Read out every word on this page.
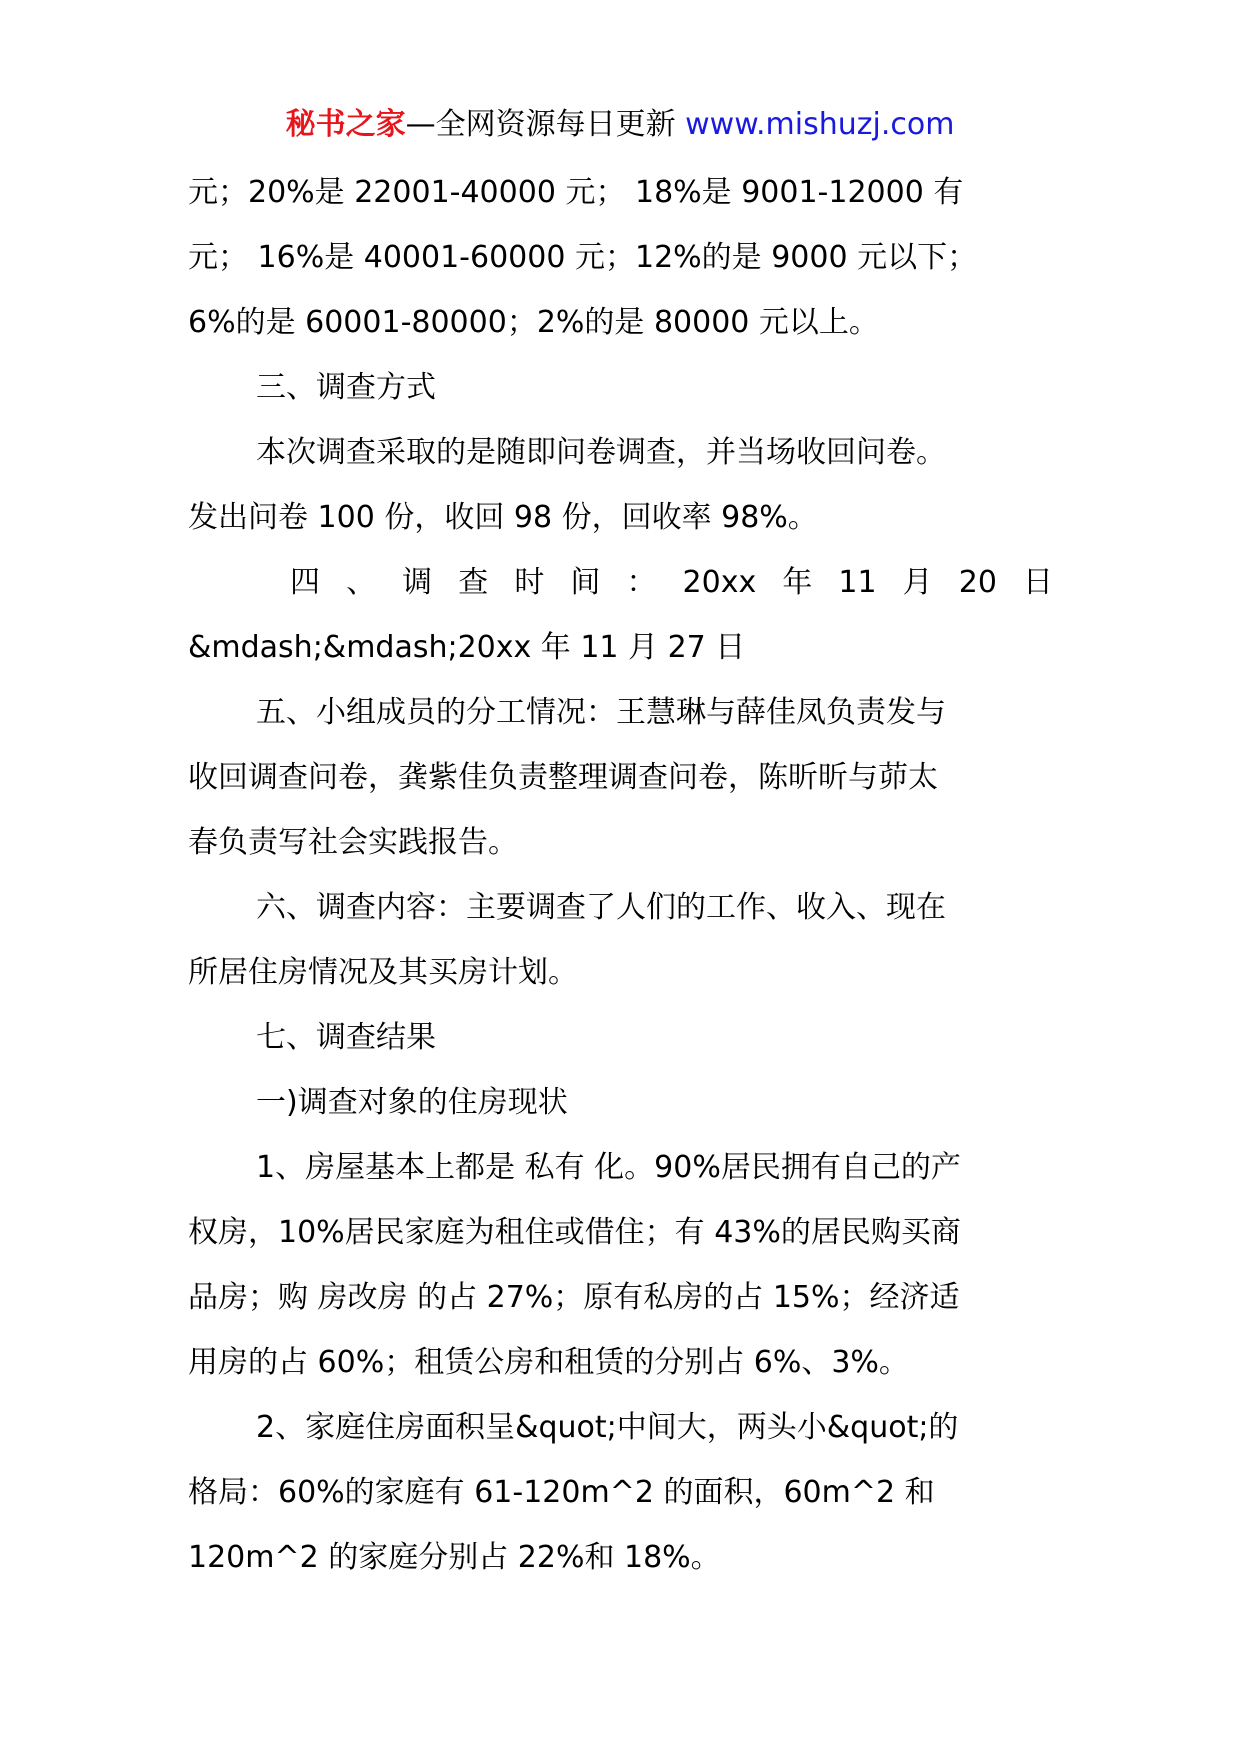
秘书之家—全网资源每日更新 www.mishuzj.com

元；20%是 22001-40000 元； 18%是 9001-12000 有

元； 16%是 40001-60000 元；12%的是 9000 元以下；

6%的是 60001-80000；2%的是 80000 元以上。

三、调查方式

本次调查采取的是随即问卷调查，并当场收回问卷。

发出问卷 100 份，收回 98 份，回收率 98%。

四 、 调 查 时 间 ： 20xx 年 11 月 20 日

&mdash;&mdash;20xx 年 11 月 27 日

五、小组成员的分工情况：王慧琳与薛佳凤负责发与

收回调查问卷，龚紫佳负责整理调查问卷，陈昕昕与茆太

春负责写社会实践报告。

六、调查内容：主要调查了人们的工作、收入、现在

所居住房情况及其买房计划。

七、调查结果

一)调查对象的住房现状

1、房屋基本上都是 私有 化。90%居民拥有自己的产

权房，10%居民家庭为租住或借住；有 43%的居民购买商

品房；购 房改房 的占 27%；原有私房的占 15%；经济适

用房的占 60%；租赁公房和租赁的分别占 6%、3%。

2、家庭住房面积呈&quot;中间大，两头小&quot;的

格局：60%的家庭有 61-120m^2 的面积，60m^2 和

120m^2 的家庭分别占 22%和 18%。
